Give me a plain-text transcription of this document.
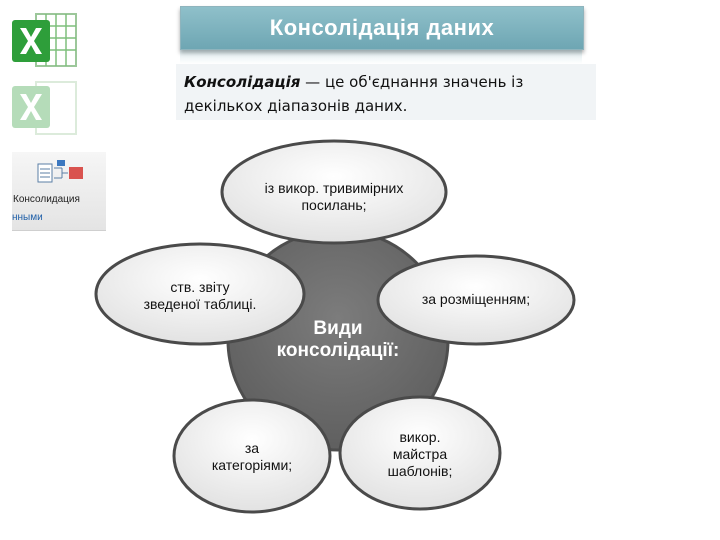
Консолидация
нными
Консолідація даних
Консолідація — це об'єднання значень із декількох діапазонів даних.
Види
консолідації:
із викор. тривимірних
посилань;
за розміщенням;
викор.
майстра
шаблонів;
за
категоріями;
ств. звіту
зведеної таблиці.
